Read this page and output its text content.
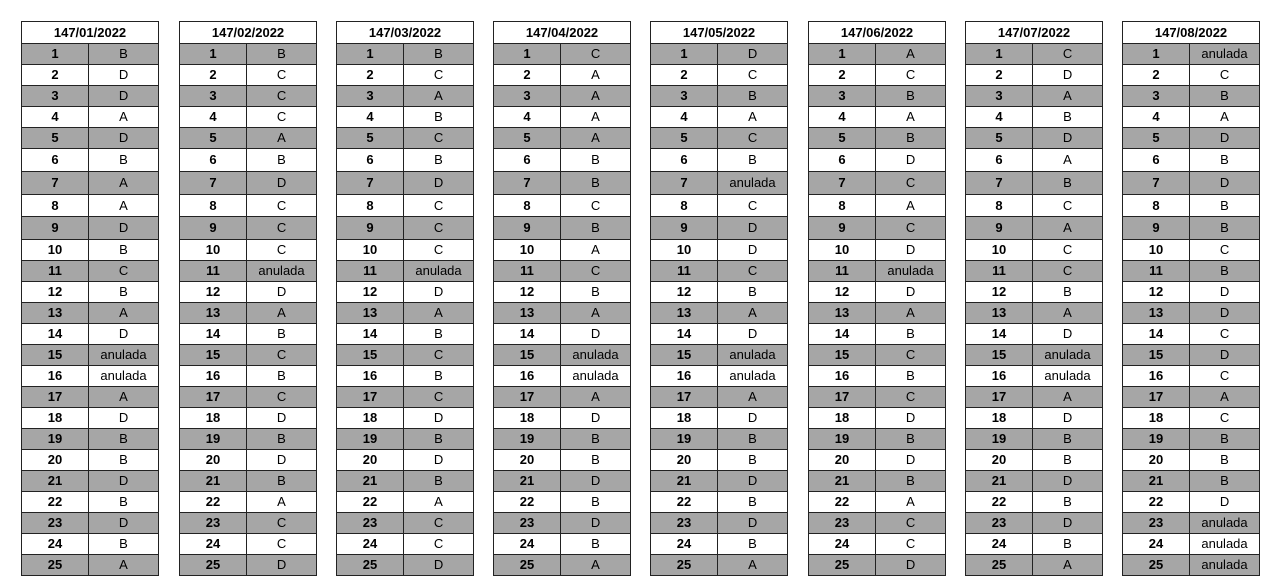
147/01/2022	
1	B
2	D
3	D
4	A
5	D
6	B
7	A
8	A
9	D
10	B
11	C
12	B
13	A
14	D
15	anulada
16	anulada
17	A
18	D
19	B
20	B
21	D
22	B
23	D
24	B
25	A
147/02/2022	
1	B
2	C
3	C
4	C
5	A
6	B
7	D
8	C
9	C
10	C
11	anulada
12	D
13	A
14	B
15	C
16	B
17	C
18	D
19	B
20	D
21	B
22	A
23	C
24	C
25	D
147/03/2022	
1	B
2	C
3	A
4	B
5	C
6	B
7	D
8	C
9	C
10	C
11	anulada
12	D
13	A
14	B
15	C
16	B
17	C
18	D
19	B
20	D
21	B
22	A
23	C
24	C
25	D
147/04/2022	
1	C
2	A
3	A
4	A
5	A
6	B
7	B
8	C
9	B
10	A
11	C
12	B
13	A
14	D
15	anulada
16	anulada
17	A
18	D
19	B
20	B
21	D
22	B
23	D
24	B
25	A
147/05/2022	
1	D
2	C
3	B
4	A
5	C
6	B
7	anulada
8	C
9	D
10	D
11	C
12	B
13	A
14	D
15	anulada
16	anulada
17	A
18	D
19	B
20	B
21	D
22	B
23	D
24	B
25	A
147/06/2022	
1	A
2	C
3	B
4	A
5	B
6	D
7	C
8	A
9	C
10	D
11	anulada
12	D
13	A
14	B
15	C
16	B
17	C
18	D
19	B
20	D
21	B
22	A
23	C
24	C
25	D
147/07/2022	
1	C
2	D
3	A
4	B
5	D
6	A
7	B
8	C
9	A
10	C
11	C
12	B
13	A
14	D
15	anulada
16	anulada
17	A
18	D
19	B
20	B
21	D
22	B
23	D
24	B
25	A
147/08/2022	
1	anulada
2	C
3	B
4	A
5	D
6	B
7	D
8	B
9	B
10	C
11	B
12	D
13	D
14	C
15	D
16	C
17	A
18	C
19	B
20	B
21	B
22	D
23	anulada
24	anulada
25	anulada
